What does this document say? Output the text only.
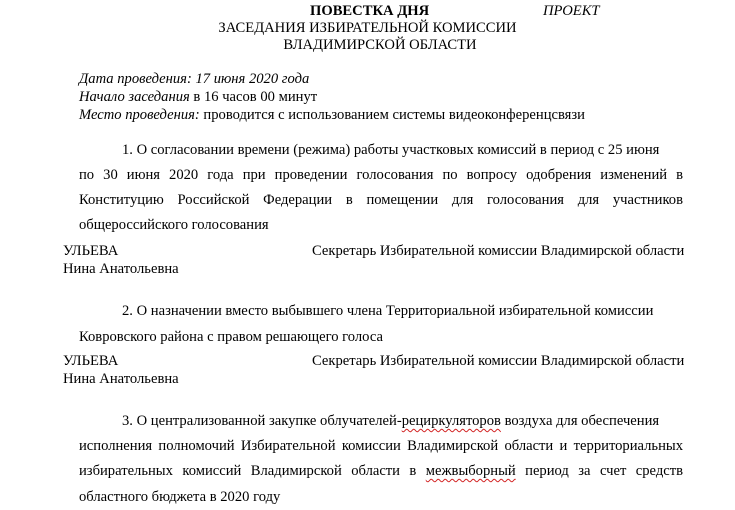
ПОВЕСТКА ДНЯ	ПРОЕКТ
ЗАСЕДАНИЯ ИЗБИРАТЕЛЬНОЙ КОМИССИИ
ВЛАДИМИРСКОЙ ОБЛАСТИ
Дата проведения: 17 июня 2020 года
Начало заседания в 16 часов 00 минут
Место проведения: проводится с использованием системы видеоконференцсвязи
1. О согласовании времени (режима) работы участковых комиссий в период с 25 июня
по 30 июня 2020 года при проведении голосования по вопросу одобрения изменений в
Конституцию Российской Федерации в помещении для голосования для участников
общероссийского голосования
УЛЬЕВА	Секретарь Избирательной комиссии Владимирской области
Нина Анатольевна
2. О назначении вместо выбывшего члена Территориальной избирательной комиссии
Ковровского района с правом решающего голоса
УЛЬЕВА	Секретарь Избирательной комиссии Владимирской области
Нина Анатольевна
3. О централизованной закупке облучателей-рециркуляторов воздуха для обеспечения
исполнения полномочий Избирательной комиссии Владимирской области и территориальных
избирательных комиссий Владимирской области в межвыборный период за счет средств
областного бюджета в 2020 году
